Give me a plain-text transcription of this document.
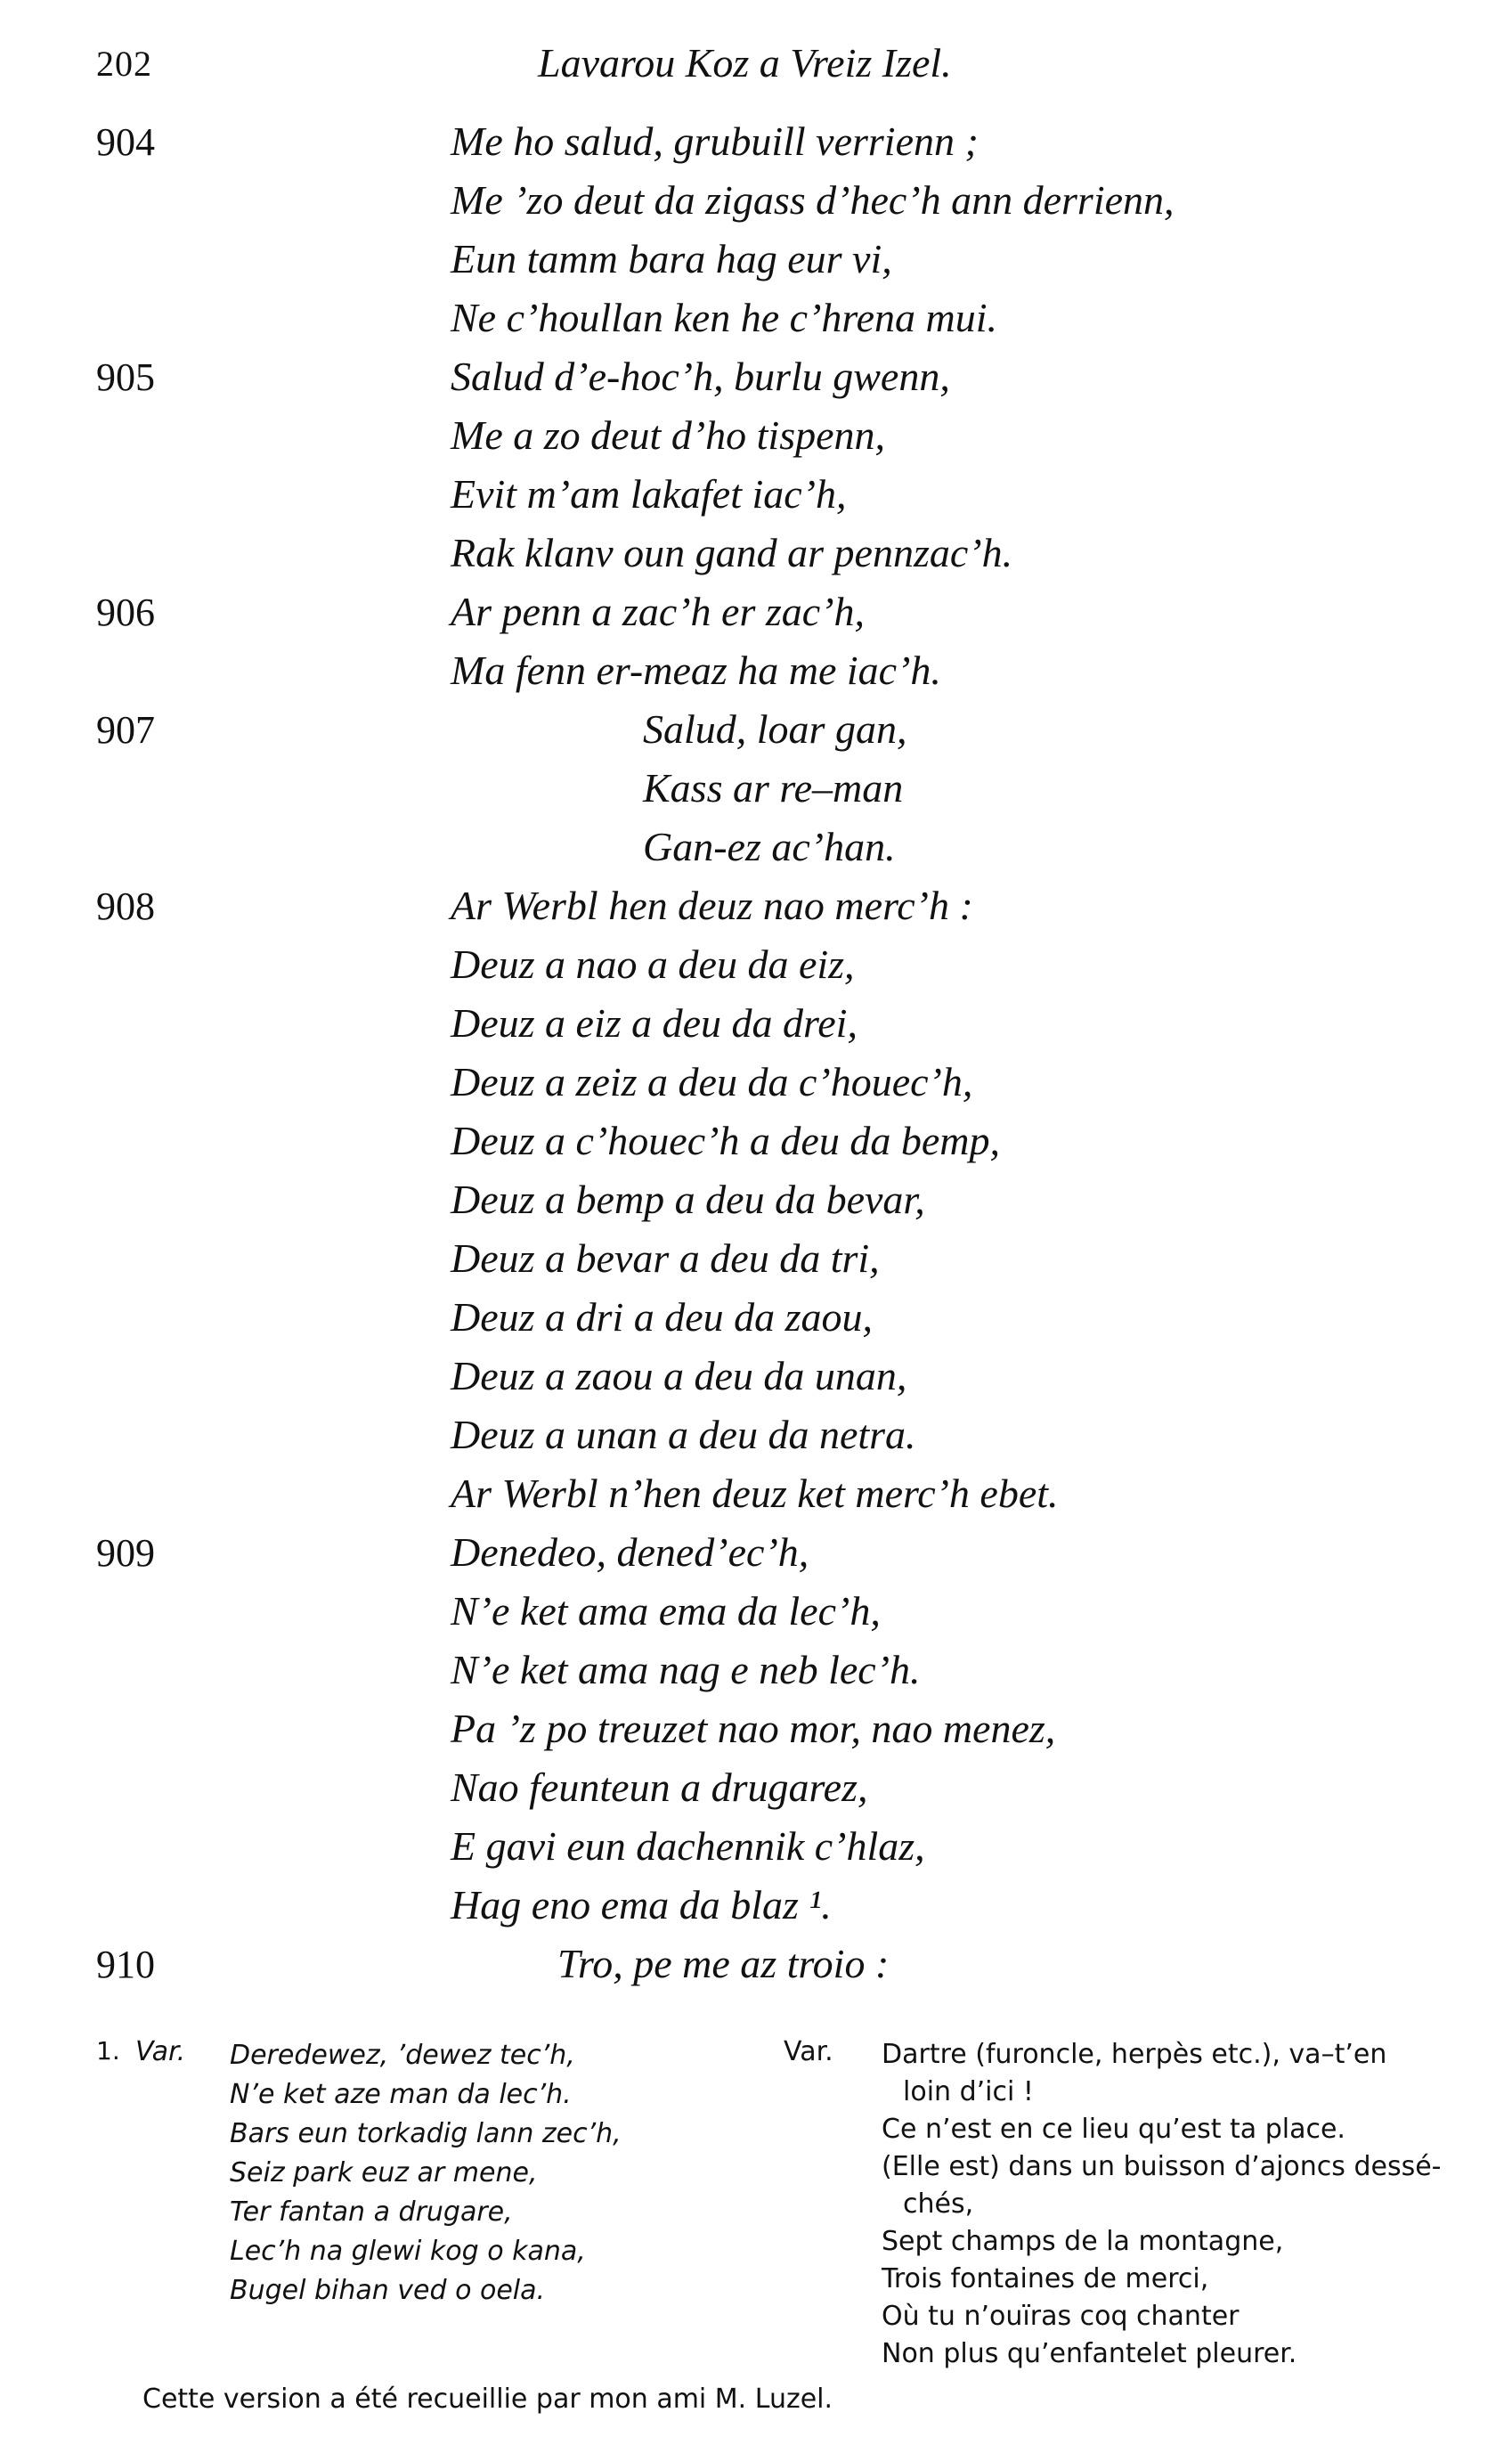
202	Lavarou Koz a Vreiz Izel.
904	Me ho salud, grubuill verrienn ;
Me ’zo deut da zigass d’hec’h ann derrienn,
Eun tamm bara hag eur vi,
Ne c’houllan ken he c’hrena mui.
905	Salud d’e-hoc’h, burlu gwenn,
Me a zo deut d’ho tispenn,
Evit m’am lakafet iac’h,
Rak klanv oun gand ar pennzac’h.
906	Ar penn a zac’h er zac’h,
Ma fenn er-meaz ha me iac’h.
907	Salud, loar gan,
Kass ar re–man
Gan-ez ac’han.
908	Ar Werbl hen deuz nao merc’h :
Deuz a nao a deu da eiz,
Deuz a eiz a deu da drei,
Deuz a zeiz a deu da c’houec’h,
Deuz a c’houec’h a deu da bemp,
Deuz a bemp a deu da bevar,
Deuz a bevar a deu da tri,
Deuz a dri a deu da zaou,
Deuz a zaou a deu da unan,
Deuz a unan a deu da netra.
Ar Werbl n’hen deuz ket merc’h ebet.
909	Denedeo, dened’ec’h,
N’e ket ama ema da lec’h,
N’e ket ama nag e neb lec’h.
Pa ’z po treuzet nao mor, nao menez,
Nao feunteun a drugarez,
E gavi eun dachennik c’hlaz,
Hag eno ema da blaz ¹.
910	Tro, pe me az troio :
1. Var. Deredewez, ’dewez tec’h,
N’e ket aze man da lec’h.
Bars eun torkadig lann zec’h,
Seiz park euz ar mene,
Ter fantan a drugare,
Lec’h na glewi kog o kana,
Bugel bihan ved o oela.
Var. Dartre (furoncle, herpès etc.), va–t’en
loin d’ici !
Ce n’est en ce lieu qu’est ta place.
(Elle est) dans un buisson d’ajoncs dessé-
chés,
Sept champs de la montagne,
Trois fontaines de merci,
Où tu n’ouïras coq chanter
Non plus qu’enfantelet pleurer.
Cette version a été recueillie par mon ami M. Luzel.
